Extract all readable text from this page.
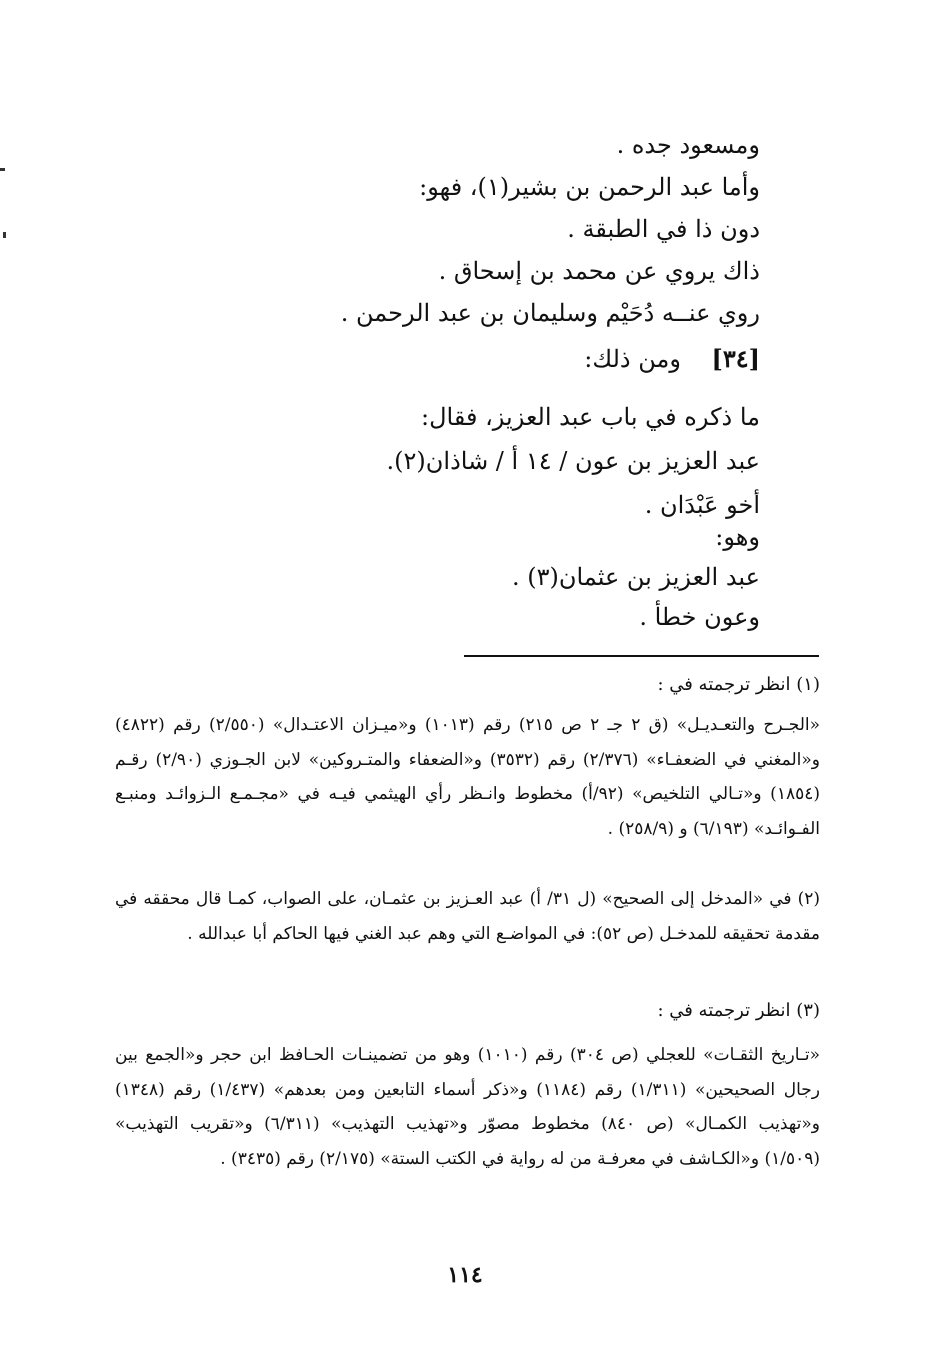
ومسعود جده .
وأما عبد الرحمن بن بشير(١)، فهو:
دون ذا في الطبقة .
ذاك يروي عن محمد بن إسحاق .
روي عنــه دُحَيْم وسليمان بن عبد الرحمن .
[٣٤]    ومن ذلك:
ما ذكره في باب عبد العزيز، فقال:
عبد العزيز بن عون / ١٤ أ / شاذان(٢).
أخو عَبْدَان .
وهو:
عبد العزيز بن عثمان(٣) .
وعون خطأ .
(١) انظر ترجمته في :
«الجـرح والتعـديـل» (ق ٢ جـ ٢ ص ٢١٥) رقم (١٠١٣) و«ميـزان الاعتـدال» (٢/٥٥٠) رقم (٤٨٢٢) و«المغني في الضعفـاء» (٢/٣٧٦) رقم (٣٥٣٢) و«الضعفاء والمتـروكين» لابن الجـوزي (٢/٩٠) رقـم (١٨٥٤) و«تـالي التلخيص» (٩٢/أ) مخطوط وانـظر رأي الهيثمي فيـه في «مجـمـع الـزوائـد ومنبـع الفـوائـد» (٦/١٩٣) و (٢٥٨/٩) .
(٢) في «المدخل إلى الصحيح» (ل ٣١/ أ) عبد العـزيز بن عثمـان، على الصواب، كمـا قال محققه في مقدمة تحقيقه للمدخـل (ص ٥٢): في المواضـع التي وهم عبد الغني فيها الحاكم أبا عبدالله .
(٣) انظر ترجمته في :
«تـاريخ الثقـات» للعجلي (ص ٣٠٤) رقم (١٠١٠) وهو من تضمينـات الحـافظ ابن حجر و«الجمع بين رجال الصحيحين» (١/٣١١) رقم (١١٨٤) و«ذكر أسماء التابعين ومن بعدهم» (١/٤٣٧) رقم (١٣٤٨) و«تهذيب الكمـال» (ص ٨٤٠) مخطوط مصوّر و«تهذيب التهذيب» (٦/٣١١) و«تقريب التهذيب» (١/٥٠٩) و«الكـاشف في معرفـة من له رواية في الكتب الستة» (٢/١٧٥) رقم (٣٤٣٥) .
١١٤
